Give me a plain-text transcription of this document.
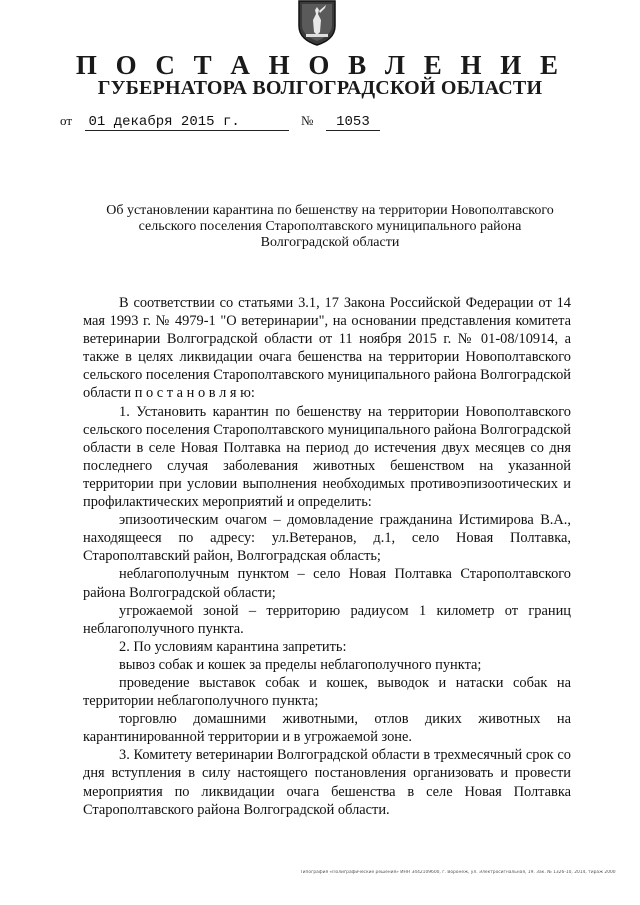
П О С Т А Н О В Л Е Н И Е
ГУБЕРНАТОРА ВОЛГОГРАДСКОЙ ОБЛАСТИ
от 01 декабря 2015 г.	№ 1053
Об установлении карантина по бешенству на территории Новополтавского
сельского поселения Старополтавского муниципального района
Волгоградской области

В соответствии со статьями 3.1, 17 Закона Российской Федерации от 14 мая 1993 г. № 4979-1 "О ветеринарии", на основании представления комитета ветеринарии Волгоградской области от 11 ноября 2015 г. № 01-08/10914, а также в целях ликвидации очага бешенства на территории Новополтавского сельского поселения Старополтавского муниципального района Волгоградской области п о с т а н о в л я ю:

1. Установить карантин по бешенству на территории Новополтавского сельского поселения Старополтавского муниципального района Волгоградской области в селе Новая Полтавка на период до истечения двух месяцев со дня последнего случая заболевания животных бешенством на указанной территории при условии выполнения необходимых противоэпизоотических и профилактических мероприятий и определить:

эпизоотическим очагом – домовладение гражданина Истимирова В.А., находящееся по адресу: ул.Ветеранов, д.1, село Новая Полтавка, Старополтавский район, Волгоградская область;

неблагополучным пунктом – село Новая Полтавка Старополтавского района Волгоградской области;

угрожаемой зоной – территорию радиусом 1 километр от границ неблагополучного пункта.

2. По условиям карантина запретить:

вывоз собак и кошек за пределы неблагополучного пункта;

проведение выставок собак и кошек, выводок и натаски собак на территории неблагополучного пункта;

торговлю домашними животными, отлов диких животных на карантинированной территории и в угрожаемой зоне.

3. Комитету ветеринарии Волгоградской области в трехмесячный срок со дня вступления в силу настоящего постановления организовать и провести мероприятия по ликвидации очага бешенства в селе Новая Полтавка Старополтавского района Волгоградской области.

Типография «Полиграфические решения» ИНН 3442109600, г. Воронеж, ул. Электросигнальная, 19. Зак. № 1326-10, 2014, тираж 2000
